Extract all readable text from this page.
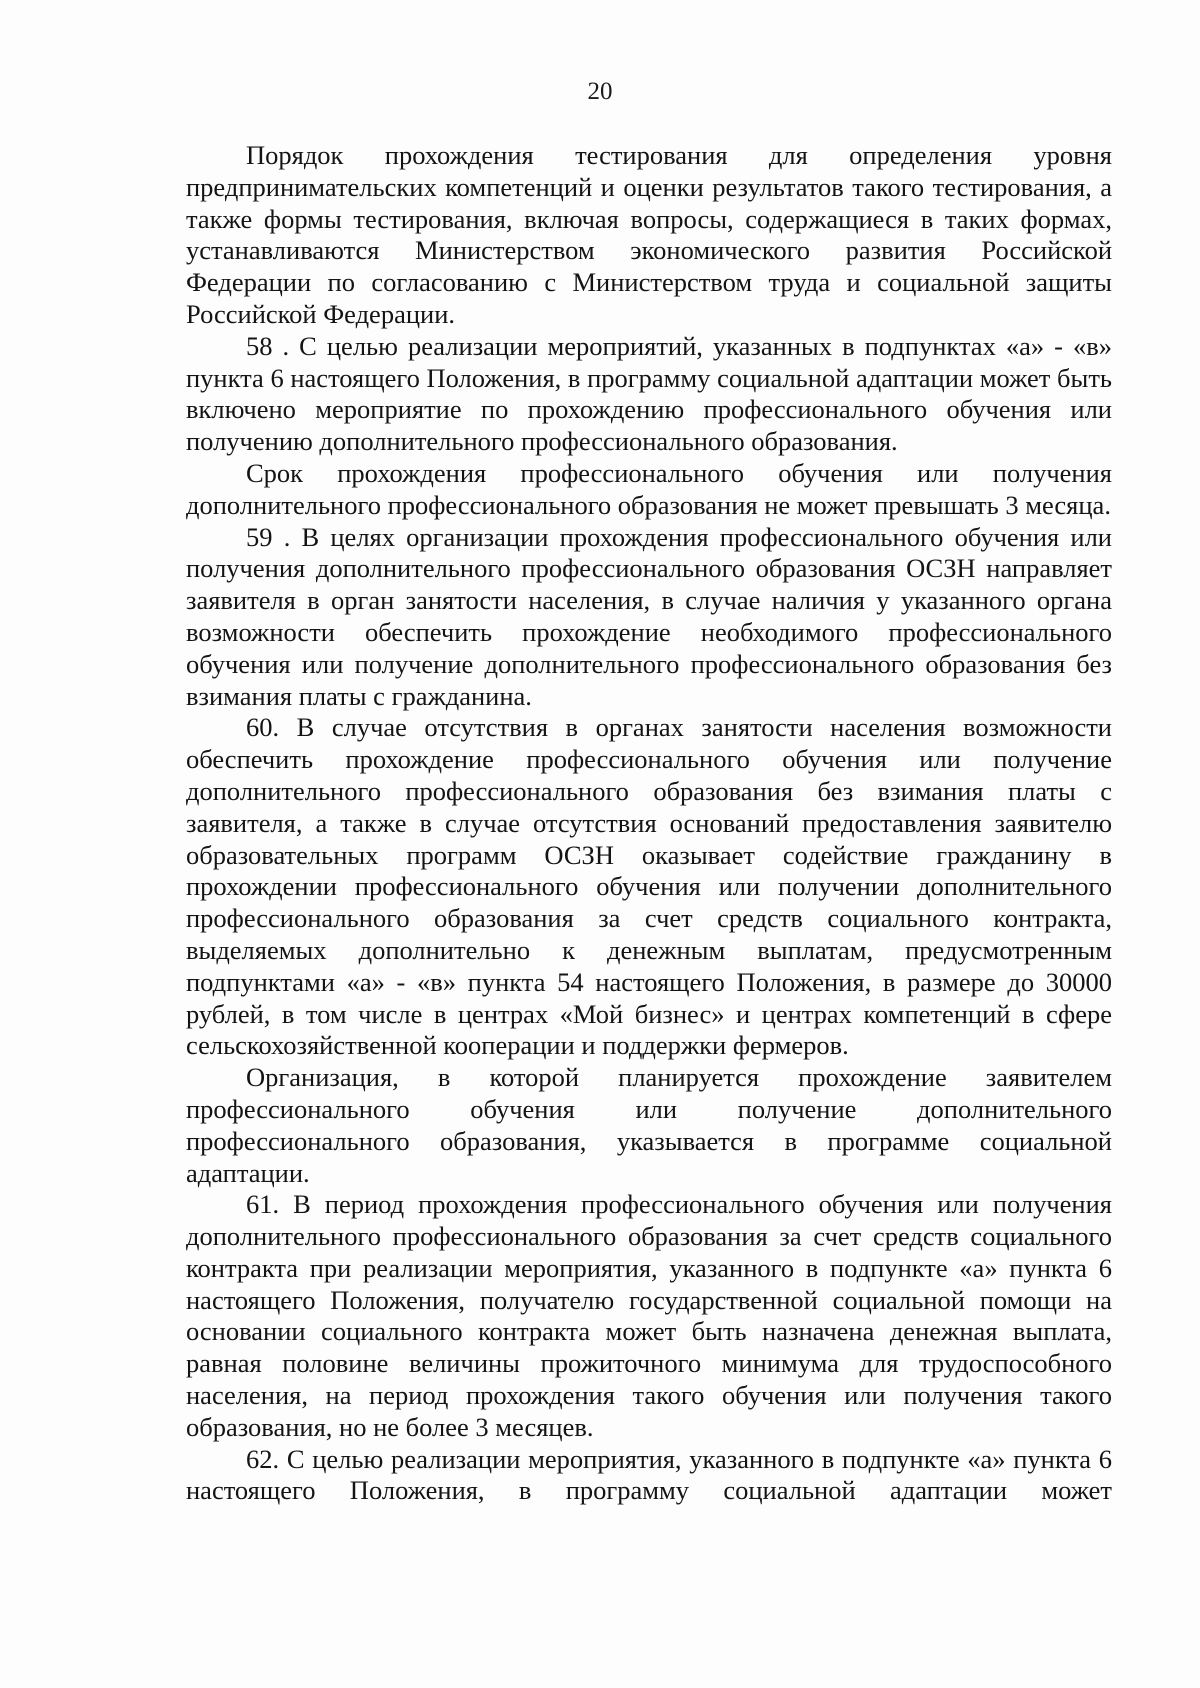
20

Порядок прохождения тестирования для определения уровня предпринимательских компетенций и оценки результатов такого тестирования, а также формы тестирования, включая вопросы, содержащиеся в таких формах, устанавливаются Министерством экономического развития Российской Федерации по согласованию с Министерством труда и социальной защиты Российской Федерации.

58 . С целью реализации мероприятий, указанных в подпунктах «а» - «в» пункта 6 настоящего Положения, в программу социальной адаптации может быть включено мероприятие по прохождению профессионального обучения или получению дополнительного профессионального образования.

Срок прохождения профессионального обучения или получения дополнительного профессионального образования не может превышать 3 месяца.

59 . В целях организации прохождения профессионального обучения или получения дополнительного профессионального образования ОСЗН направляет заявителя в орган занятости населения, в случае наличия у указанного органа возможности обеспечить прохождение необходимого профессионального обучения или получение дополнительного профессионального образования без взимания платы с гражданина.

60. В случае отсутствия в органах занятости населения возможности обеспечить прохождение профессионального обучения или получение дополнительного профессионального образования без взимания платы с заявителя, а также в случае отсутствия оснований предоставления заявителю образовательных программ ОСЗН оказывает содействие гражданину в прохождении профессионального обучения или получении дополнительного профессионального образования за счет средств социального контракта, выделяемых дополнительно к денежным выплатам, предусмотренным подпунктами «а» - «в» пункта 54 настоящего Положения, в размере до 30000 рублей, в том числе в центрах «Мой бизнес» и центрах компетенций в сфере сельскохозяйственной кооперации и поддержки фермеров.

Организация, в которой планируется прохождение заявителем профессионального обучения или получение дополнительного профессионального образования, указывается в программе социальной адаптации.

61. В период прохождения профессионального обучения или получения дополнительного профессионального образования за счет средств социального контракта при реализации мероприятия, указанного в подпункте «а» пункта 6 настоящего Положения, получателю государственной социальной помощи на основании социального контракта может быть назначена денежная выплата, равная половине величины прожиточного минимума для трудоспособного населения, на период прохождения такого обучения или получения такого образования, но не более 3 месяцев.

62. С целью реализации мероприятия, указанного в подпункте «а» пункта 6 настоящего Положения, в программу социальной адаптации может
